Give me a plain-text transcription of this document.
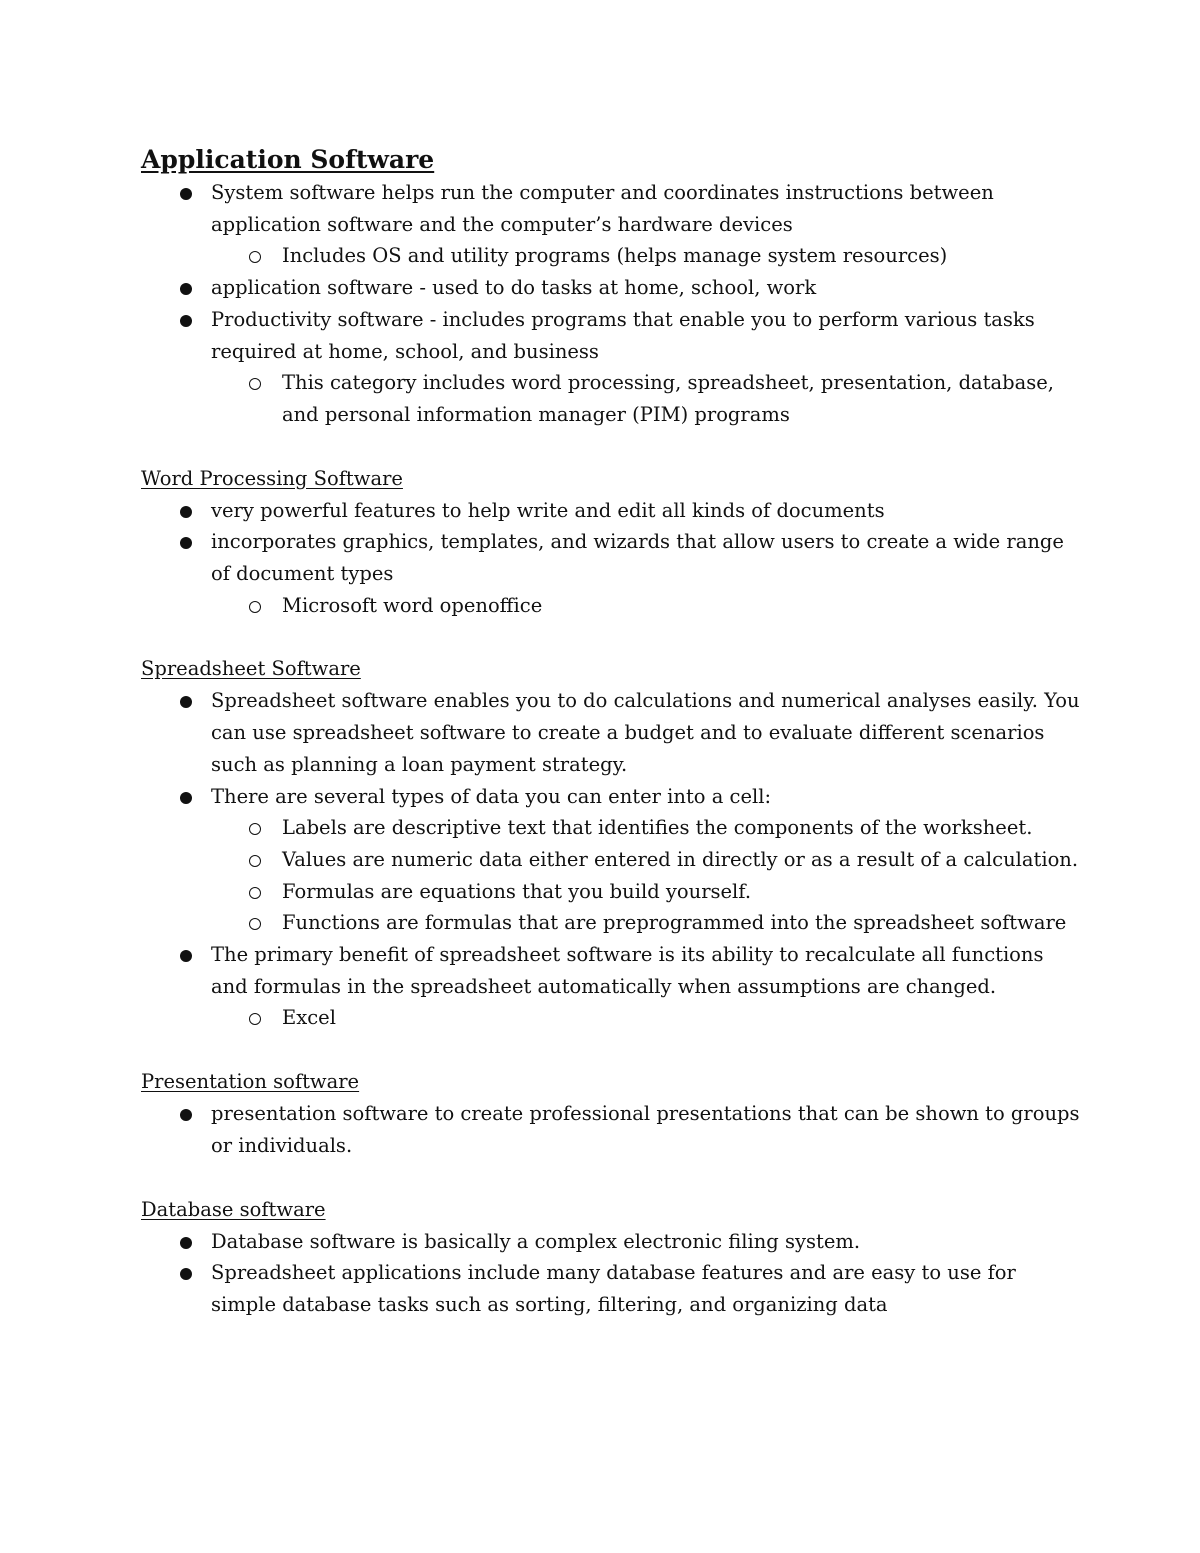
Application Software
System software helps run the computer and coordinates instructions between application software and the computer’s hardware devices
Includes OS and utility programs (helps manage system resources)
application software - used to do tasks at home, school, work
Productivity software - includes programs that enable you to perform various tasks required at home, school, and business
This category includes word processing, spreadsheet, presentation, database, and personal information manager (PIM) programs
Word Processing Software
very powerful features to help write and edit all kinds of documents
incorporates graphics, templates, and wizards that allow users to create a wide range of document types
Microsoft word openoffice
Spreadsheet Software
Spreadsheet software enables you to do calculations and numerical analyses easily. You can use spreadsheet software to create a budget and to evaluate different scenarios such as planning a loan payment strategy.
There are several types of data you can enter into a cell:
Labels are descriptive text that identifies the components of the worksheet.
Values are numeric data either entered in directly or as a result of a calculation.
Formulas are equations that you build yourself.
Functions are formulas that are preprogrammed into the spreadsheet software
The primary benefit of spreadsheet software is its ability to recalculate all functions and formulas in the spreadsheet automatically when assumptions are changed.
Excel
Presentation software
presentation software to create professional presentations that can be shown to groups or individuals.
Database software
Database software is basically a complex electronic filing system.
Spreadsheet applications include many database features and are easy to use for simple database tasks such as sorting, filtering, and organizing data
